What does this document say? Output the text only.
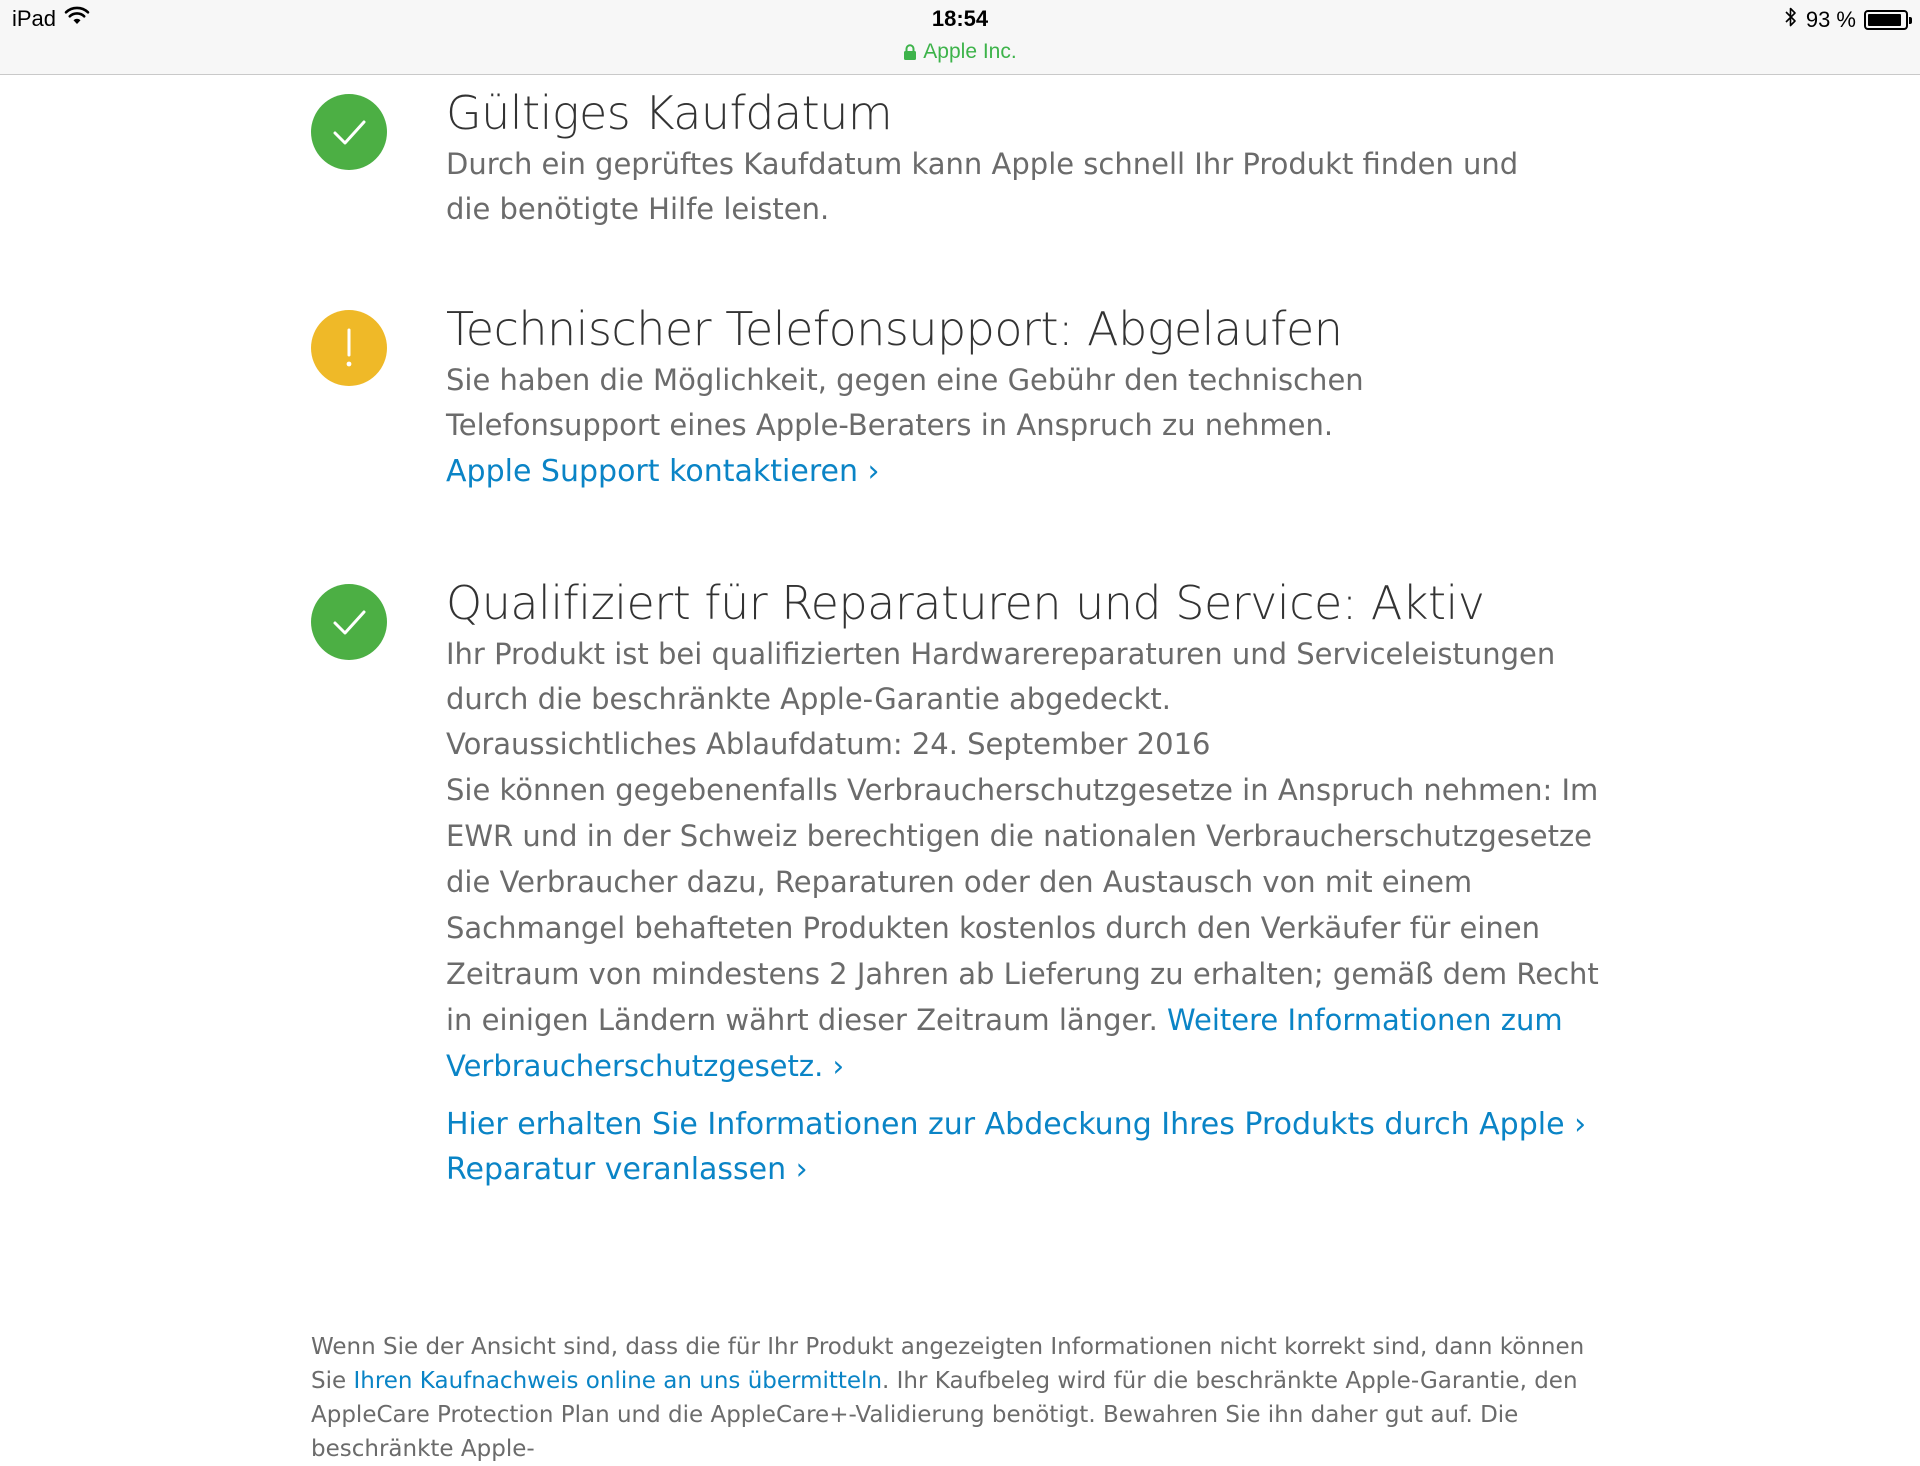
iPad	18:54
Apple Inc.
93 %
Gültiges Kaufdatum

Durch ein geprüftes Kaufdatum kann Apple schnell Ihr Produkt finden und die benötigte Hilfe leisten.

Technischer Telefonsupport: Abgelaufen

Sie haben die Möglichkeit, gegen eine Gebühr den technischen Telefonsupport eines Apple-Beraters in Anspruch zu nehmen.

Apple Support kontaktieren ›
Qualifiziert für Reparaturen und Service: Aktiv

Ihr Produkt ist bei qualifizierten Hardwarereparaturen und Serviceleistungen durch die beschränkte Apple-Garantie abgedeckt.

Voraussichtliches Ablaufdatum: 24. September 2016

Sie können gegebenenfalls Verbraucherschutzgesetze in Anspruch nehmen: Im EWR und in der Schweiz berechtigen die nationalen Verbraucherschutzgesetze die Verbraucher dazu, Reparaturen oder den Austausch von mit einem Sachmangel behafteten Produkten kostenlos durch den Verkäufer für einen Zeitraum von mindestens 2 Jahren ab Lieferung zu erhalten; gemäß dem Recht in einigen Ländern währt dieser Zeitraum länger. Weitere Informationen zum Verbraucherschutzgesetz. ›

Hier erhalten Sie Informationen zur Abdeckung Ihres Produkts durch Apple ›
Reparatur veranlassen ›
Wenn Sie der Ansicht sind, dass die für Ihr Produkt angezeigten Informationen nicht korrekt sind, dann können Sie Ihren Kaufnachweis online an uns übermitteln. Ihr Kaufbeleg wird für die beschränkte Apple-Garantie, den AppleCare Protection Plan und die AppleCare+-Validierung benötigt. Bewahren Sie ihn daher gut auf. Die beschränkte Apple-
